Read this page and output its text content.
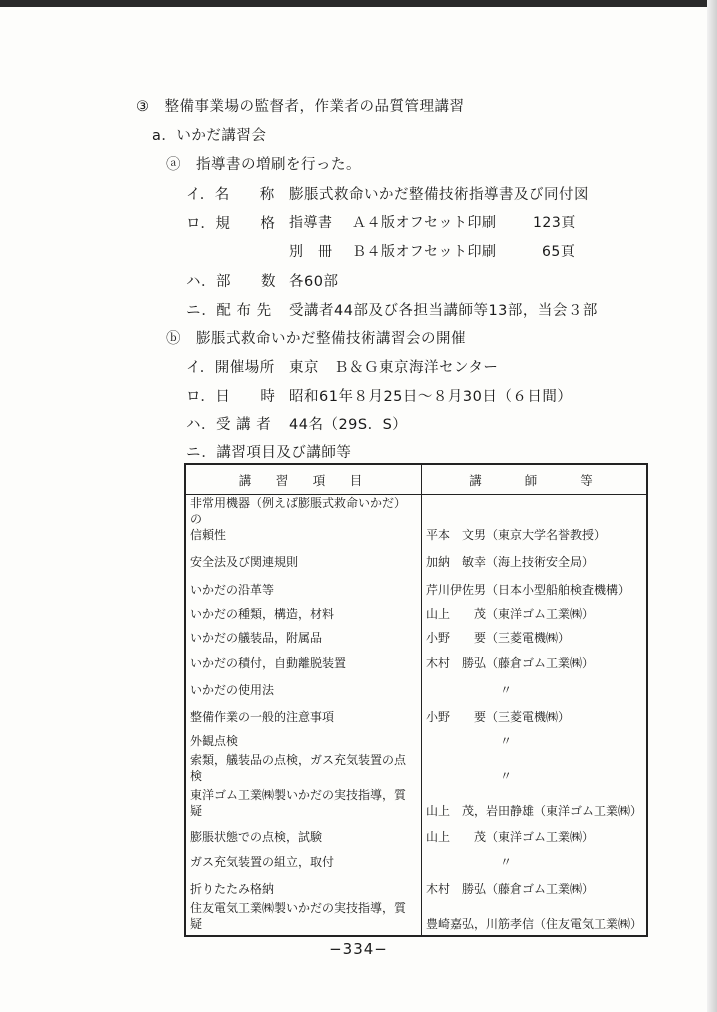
③　整備事業場の監督者，作業者の品質管理講習
a．いかだ講習会
ⓐ　指導書の増刷を行った。
イ．名　　称 膨脹式救命いかだ整備技術指導書及び同付図
ロ．規　　格 指導書 Ａ４版オフセット印刷	123頁
別　冊 Ｂ４版オフセット印刷	65頁
ハ．部　　数 各60部
ニ．配 布 先 受講者44部及び各担当講師等13部，当会３部
ⓑ　膨脹式救命いかだ整備技術講習会の開催
イ．開催場所 東京　Ｂ＆Ｇ東京海洋センター
ロ．日　　時 昭和61年８月25日〜８月30日（６日間）
ハ．受 講 者 44名（29S．S）
ニ．講習項目及び講師等
講　習　項　目	講　　師　　等
非常用機器（例えば膨脹式救命いかだ）の
信頼性	平本　文男（東京大学名誉教授）
安全法及び関連規則	加納　敏幸（海上技術安全局）
いかだの沿革等	芹川伊佐男（日本小型船舶検査機構）
いかだの種類，構造，材料	山上　　茂（東洋ゴム工業㈱）
いかだの艤装品，附属品	小野　　要（三菱電機㈱）
いかだの積付，自動離脱装置	木村　勝弘（藤倉ゴム工業㈱）
いかだの使用法	〃
整備作業の一般的注意事項	小野　　要（三菱電機㈱）
外観点検	〃
索類，艤装品の点検，ガス充気装置の点検	〃
東洋ゴム工業㈱製いかだの実技指導，質疑	山上　茂，岩田静雄（東洋ゴム工業㈱）
膨脹状態での点検，試験	山上　　茂（東洋ゴム工業㈱）
ガス充気装置の組立，取付	〃
折りたたみ格納	木村　勝弘（藤倉ゴム工業㈱）
住友電気工業㈱製いかだの実技指導，質疑	豊崎嘉弘，川筋孝信（住友電気工業㈱）
−334−
